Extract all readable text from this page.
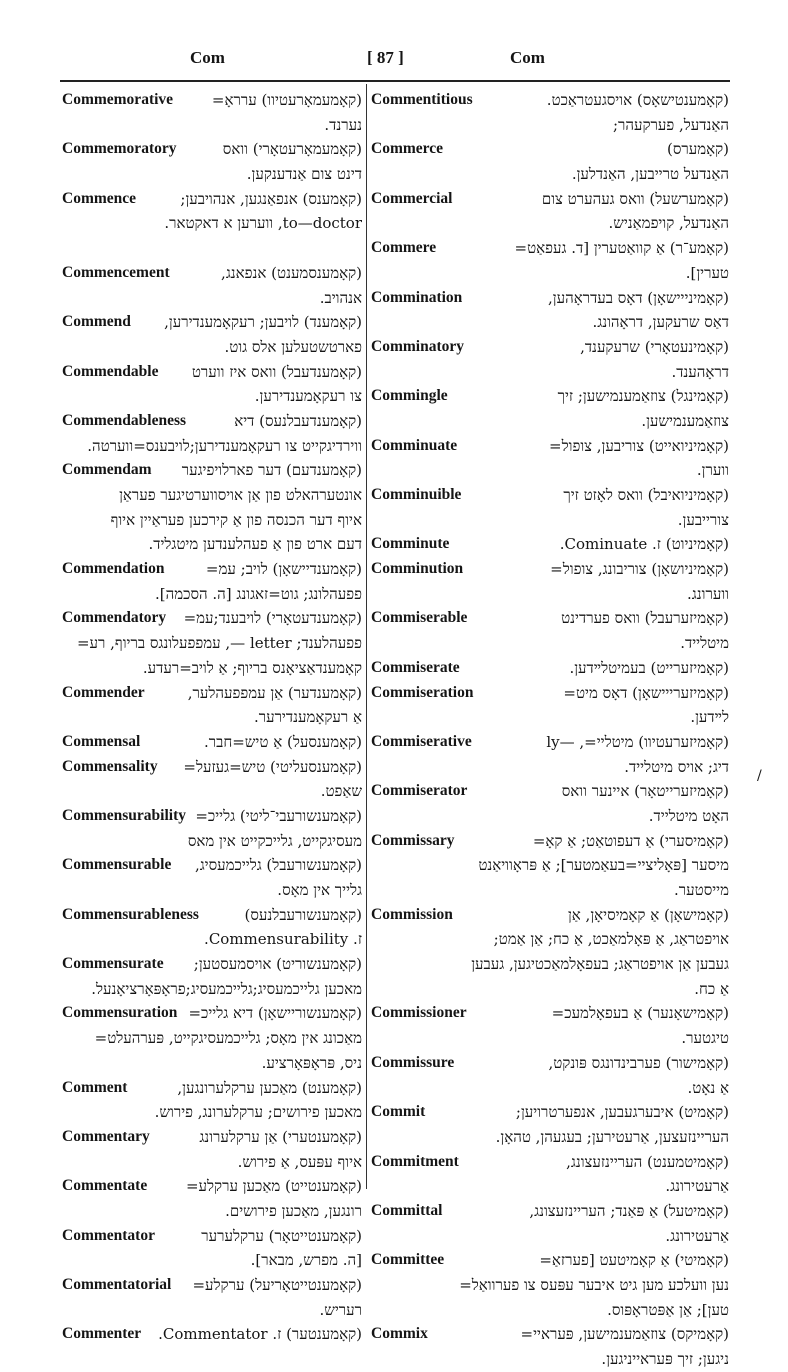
Com	[ 87 ]	Com
Commemorative	(קאָמעמאָרעטיוו) ערראָ=
נערנד.
Commemoratory	(קאָמעמאָרעטאָרי) וואס
דינט צום אַנדענקען.
Commence	(קאָמענס) אנפאַנגען, אנהויבען;
to—doctor, ווערען א דאקטאר.
Commencement	(קאָמענסמענט) אנפאנג,
אנהויב.
Commend (קאָמענד) לויבען; רעקאָמענדירען,
פארטשטעלען אלס גוט.
Commendable (קאָמענדעבל) וואס איז ווערט
צו רעקאָמענדירען.
Commendableness	(קאָמענדעבלנעס) דיא
ווירדיגקייט צו רעקאָמענדירען;לויבענס=ווערטה.
Commendam (קאָמענדעם) דער פארלויפיגער
אונטערהאלט פון אַן אויסווערטיגער פעראַן
איוף דער הכנסה פון אַ קירכען פעראַיין איוף
דעם ארט פון אַ פעהלענדען מיטגליד.
Commendation	(קאָמענדיישאָן) לויב; עמ=
פפעהלונג; גוט=זאגונג [ה. הסכמה].
Commendatory (קאָמענדעטאָרי) לויבענד;עמ=
פפעהלענד; letter —, עמפפעלונגס בריוף, רע=
קאָמענדאַציאָנס בריוף; אַ לויב=רעדע.
Commender	(קאָמענדער) אַן עמפפעהלער,
אַ רעקאָמענדירער.
Commensal	(קאָמענסעל) אַ טיש=חבר.
Commensality (קאָמענסעליטי) טיש=געזעל=
שאַפט.
Commensurability (קאָמענשורעבי־ליטי) גלייכ=
מעסיגקייט, גלייכקייט אין מאס
Commensurable (קאָמענשורעבל) גלייכמעסיג,
גלייך אין מאָס.
Commensurableness	(קאָמענשורעבלנעס)
ז. Commensurability.
Commensurate (קאָמענשוריט) אויסמעסטען;
מאכען גלייכמעסיג;גלייכמעסיג;פראָפּאָרציאָנעל.
Commensuration (קאָמענשוריישאָן) דיא גלייכ=
מאַכונג אין מאָס; גלייכמעסיגקייט, פּערהעלט=
ניס, פּראָפּאָרציע.
Comment	(קאָמענט) מאַכען ערקלערונגען,
מאכען פירושים; ערקלערונג, פירוש.
Commentary	(קאָמענטערי) אַן ערקלערונג
איוף עפּעס, אַ פירוש.
Commentate	(קאָמענטייט) מאַכען ערקלע=
רונגען, מאַכען פירושים.
Commentator	(קאָמענטייטאָר) ערקלערער
[ה. מפרש, מבאר].
Commentatorial (קאָמענטייטאָריעל) ערקלע=
רעריש.
Commenter (קאָמענטער) ז. Commentator.
Commentitious	(קאָמענטישאָס) אויסגעטראַכט.
האַנדעל, פערקעהר;
Commerce	(קאָמערס)
האַנדעל טרייבען, האַנדלען.
Commercial	(קאָמערשעל) וואס געהערט צום
האַנדעל, קויפמאַניש.
Commere	(קאָמע־ר) אַ קוואַטערין [ד. געפאַט=
טערין].
Commination	(קאָמינייישאָן) דאָס בעדראָהען,
דאַס שרעקען, דראָהונג.
Comminatory	(קאָמינעטאָרי) שרעקענד,
דראָהענד.
Commingle	(קאָמינגל) צוזאַמענמישען; זיך
צוזאַמענמישען.
Comminuate	(קאָמיניואייט) צוריבען, צופול=
ווערן.
Comminuible	(קאָמיניואיבל) וואס לאָזט זיך
צורייבען.
Comminute	(קאָמיניוט) ז. Cominuate.
Comminution	(קאָמיניושאָן) צוריבונג, צופול=
ווערונג.
Commiserable	(קאָמיזערעבל) וואס פערדינט
מיטלייד.
Commiserate	(קאָמיזערייט) בעמיטלײדען.
Commiseration	(קאָמיזערייישאָן) דאָס מיט=
לײדען.
Commiserative	(קאָמיזערעטיוו) מיטליי=, —ly
דיג; אויס מיטלייד.
Commiserator	(קאָמיזערייטאָר) איינער וואס
האָט מיטלייד.
Commissary	(קאָמיסערי) אַ דעפוטאַט; אַ קאָ=
מיסער [פּאָליציי=בעאַמטער]; אַ פּראָוויאַנט
מייסטער.
Commission	(קאָמישאָן) אַ קאָמיסיאָן, אַן
אויפטראַג, אַ פּאָלמאַכט, אַ כח; אַן אַמט;
געבען אַן אויפטראַג; בעפאָלמאַכטיגען, געבען
אַ כח.
Commissioner	(קאָמישאָנער) אַ בעפאָלמעכ=
טיגטער.
Commissure	(קאָמישור) פערבינדונגס פּונקט,
אַ נאָט.
Commit	(קאָמיט) איבערגעבען, אנפערטרויען;
העריינזעצען, אַרעטירען; בעגעהן, טהאָן.
Commitment	(קאָמיטמענט) העריינזעצונג,
אַרעטירונג.
Committal	(קאָמיטעל) אַ פּאַנד; העריינזעצונג,
אַרעטירונג.
Committee	(קאָמיטי) אַ קאָמיטעט [פערזאַ=
נען וועלכע מען גיט איבער עפּעס צו פערוואַל=
טען]; אַן אַפּטראָפּוס.
Commix	(קאָמיקס) צוזאַמענמישען, פּעראיי=
ניגען; זיך פּעראייניגען.
/
